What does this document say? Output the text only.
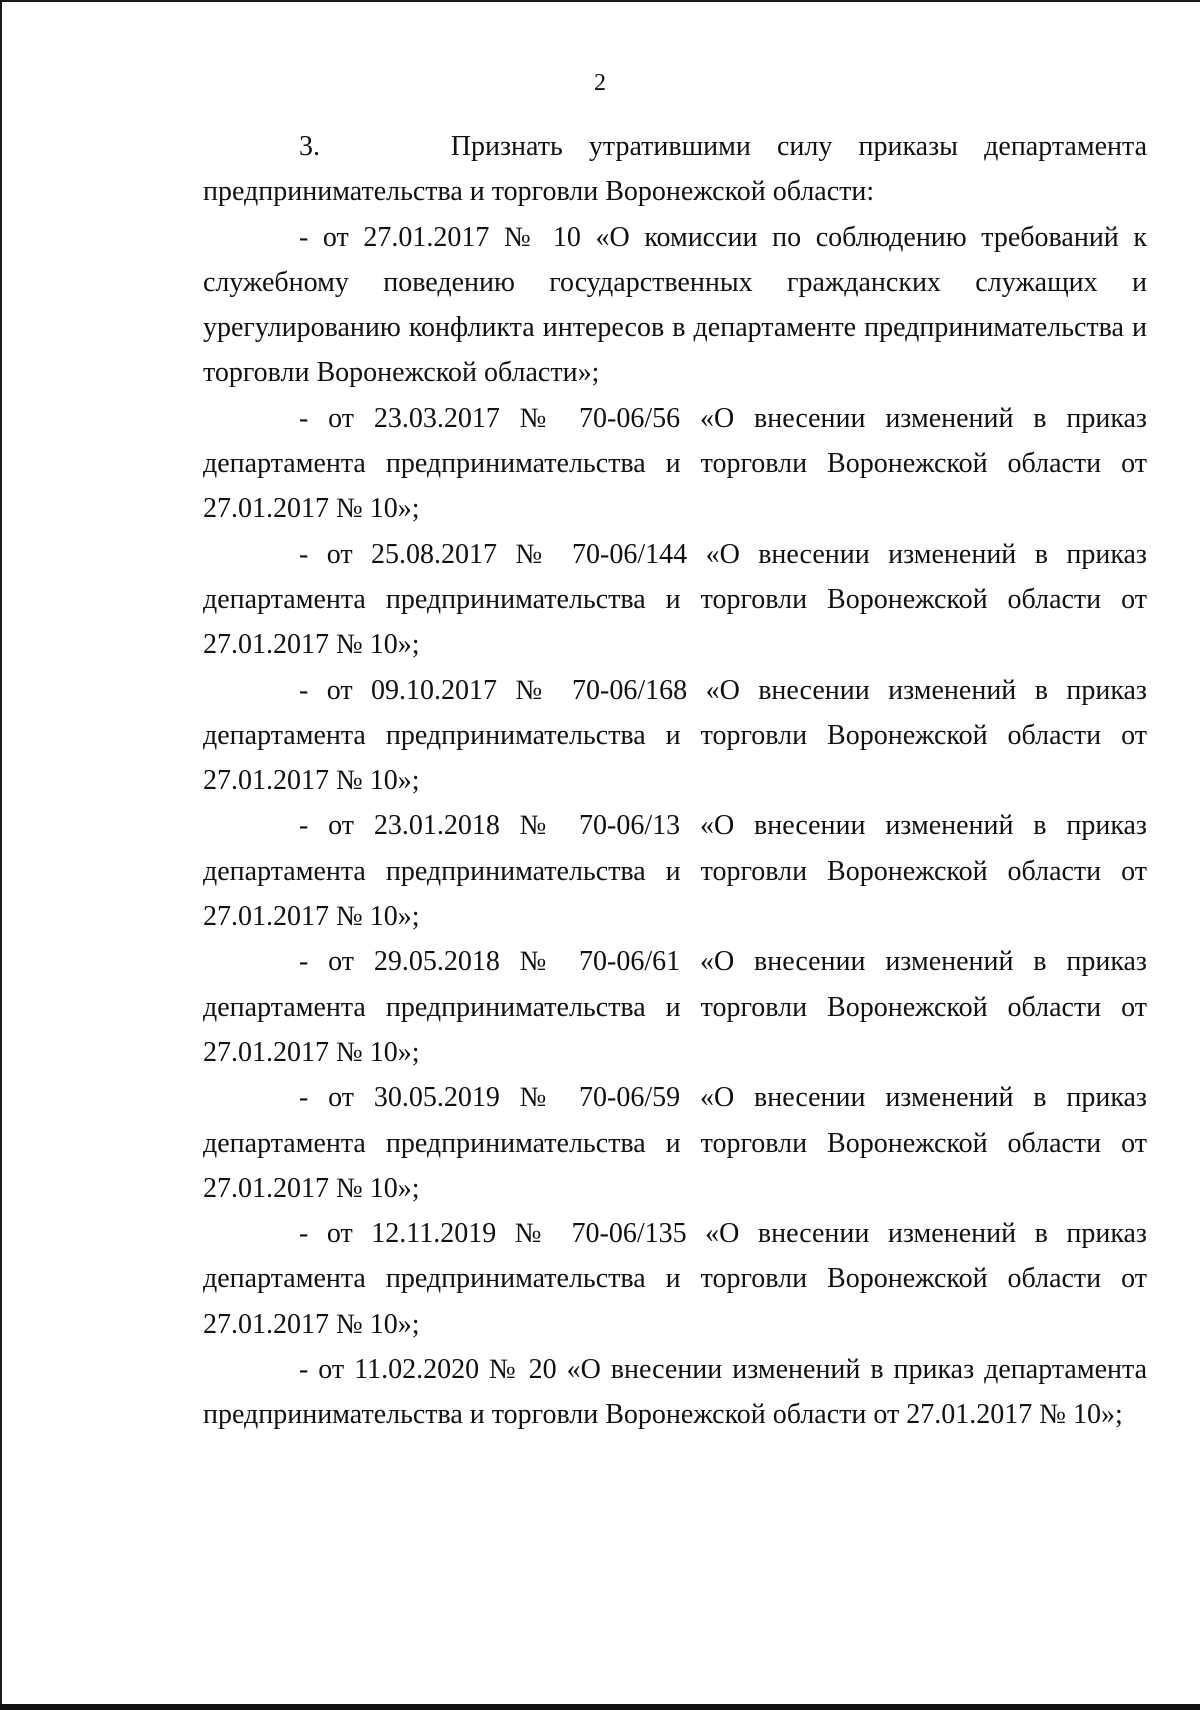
2

3.	Признать утратившими силу приказы департамента предпринимательства и торговли Воронежской области:

- от 27.01.2017 № 10 «О комиссии по соблюдению требований к служебному поведению государственных гражданских служащих и урегулированию конфликта интересов в департаменте предпринимательства и торговли Воронежской области»;

- от 23.03.2017 № 70-06/56 «О внесении изменений в приказ департамента предпринимательства и торговли Воронежской области от 27.01.2017 № 10»;

- от 25.08.2017 № 70-06/144 «О внесении изменений в приказ департамента предпринимательства и торговли Воронежской области от 27.01.2017 № 10»;

- от 09.10.2017 № 70-06/168 «О внесении изменений в приказ департамента предпринимательства и торговли Воронежской области от 27.01.2017 № 10»;

- от 23.01.2018 № 70-06/13 «О внесении изменений в приказ департамента предпринимательства и торговли Воронежской области от 27.01.2017 № 10»;

- от 29.05.2018 № 70-06/61 «О внесении изменений в приказ департамента предпринимательства и торговли Воронежской области от 27.01.2017 № 10»;

- от 30.05.2019 № 70-06/59 «О внесении изменений в приказ департамента предпринимательства и торговли Воронежской области от 27.01.2017 № 10»;

- от 12.11.2019 № 70-06/135 «О внесении изменений в приказ департамента предпринимательства и торговли Воронежской области от 27.01.2017 № 10»;

- от 11.02.2020 № 20 «О внесении изменений в приказ департамента предпринимательства и торговли Воронежской области от 27.01.2017 № 10»;
